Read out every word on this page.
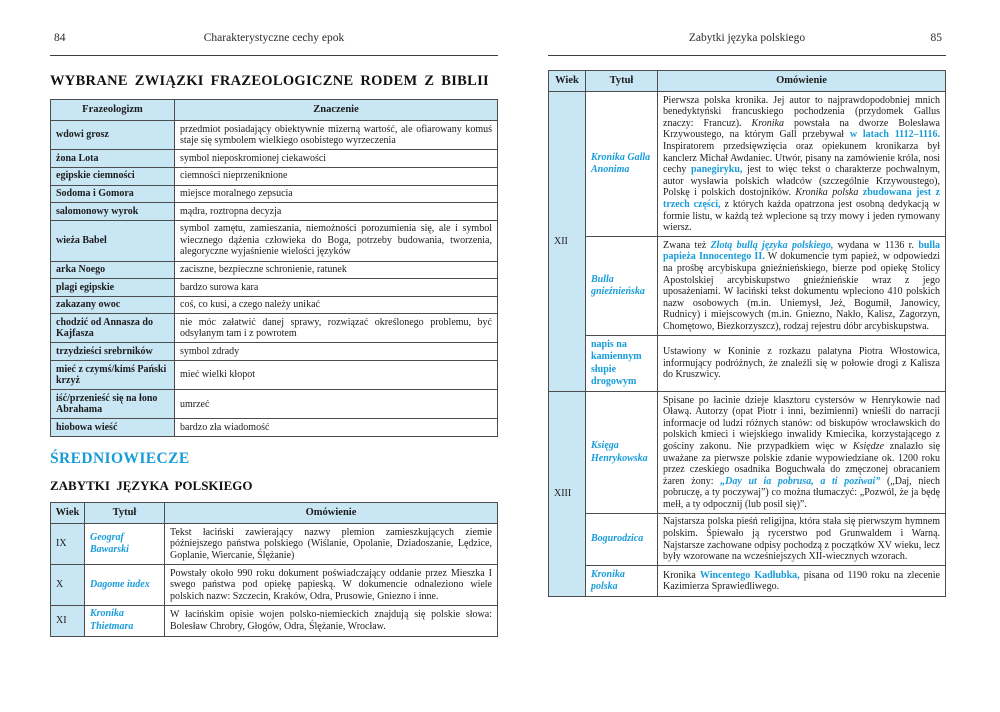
84	Charakterystyczne cechy epok
WYBRANE ZWIĄZKI FRAZEOLOGICZNE RODEM Z BIBLII
Frazeologizm	Znaczenie
wdowi grosz	przedmiot posiadający obiektywnie mizerną wartość, ale ofiarowany komuś staje się symbolem wielkiego osobistego wyrzeczenia
żona Lota	symbol nieposkromionej ciekawości
egipskie ciemności	ciemności nieprzeniknione
Sodoma i Gomora	miejsce moralnego zepsucia
salomonowy wyrok	mądra, roztropna decyzja
wieża Babel	symbol zamętu, zamieszania, niemożności porozumienia się, ale i symbol wiecznego dążenia człowieka do Boga, potrzeby budowania, tworzenia, alegoryczne wyjaśnienie wielości języków
arka Noego	zaciszne, bezpieczne schronienie, ratunek
plagi egipskie	bardzo surowa kara
zakazany owoc	coś, co kusi, a czego należy unikać
chodzić od Annasza do Kajfasza	nie móc załatwić danej sprawy, rozwiązać określonego problemu, być odsyłanym tam i z powrotem
trzydzieści srebrników	symbol zdrady
mieć z czymś/kimś Pański krzyż	mieć wielki kłopot
iść/przenieść się na łono Abrahama	umrzeć
hiobowa wieść	bardzo zła wiadomość
ŚREDNIOWIECZE
ZABYTKI JĘZYKA POLSKIEGO
Wiek	Tytuł	Omówienie
IX	Geograf Bawarski	Tekst łaciński zawierający nazwy plemion zamieszkujących ziemie późniejszego państwa polskiego (Wiślanie, Opolanie, Dziadoszanie, Lędzice, Goplanie, Wiercanie, Ślężanie)
X	Dagome iudex	Powstały około 990 roku dokument poświadczający oddanie przez Mieszka I swego państwa pod opiekę papieską. W dokumencie odnaleziono wiele polskich nazw: Szczecin, Kraków, Odra, Prusowie, Gniezno i inne.
XI	Kronika Thietmara	W łacińskim opisie wojen polsko-niemieckich znajdują się polskie słowa: Bolesław Chrobry, Głogów, Odra, Ślężanie, Wrocław.
Zabytki języka polskiego	85
Wiek	Tytuł	Omówienie
XII	Kronika Galla Anonima	Pierwsza polska kronika. Jej autor to najprawdopodobniej mnich benedyktyński francuskiego pochodzenia (przydomek Gallus znaczy: Francuz). Kronika powstała na dworze Bolesława Krzywoustego, na którym Gall przebywał w latach 1112–1116. Inspiratorem przedsięwzięcia oraz opiekunem kronikarza był kanclerz Michał Awdaniec. Utwór, pisany na zamówienie króla, nosi cechy panegiryku, jest to więc tekst o charakterze pochwalnym, autor wysławia polskich władców (szczególnie Krzywoustego), Polskę i polskich dostojników. Kronika polska zbudowana jest z trzech części, z których każda opatrzona jest osobną dedykacją w formie listu, w każdą też wplecione są trzy mowy i jeden rymowany wiersz.
	Bulla gnieźnieńska	Zwana też Złotą bullą języka polskiego, wydana w 1136 r. bulla papieża Innocentego II. W dokumencie tym papież, w odpowiedzi na prośbę arcybiskupa gnieźnieńskiego, bierze pod opiekę Stolicy Apostolskiej arcybiskupstwo gnieźnieńskie wraz z jego uposażeniami. W łaciński tekst dokumentu wpleciono 410 polskich nazw osobowych (m.in. Uniemysł, Jeż, Bogumił, Janowicy, Rudnicy) i miejscowych (m.in. Gniezno, Nakło, Kalisz, Zagorzyn, Chomętowo, Biezkorzyszcz), rodzaj rejestru dóbr arcybiskupstwa.
	napis na kamiennym słupie drogowym	Ustawiony w Koninie z rozkazu palatyna Piotra Włostowica, informujący podróżnych, że znaleźli się w połowie drogi z Kalisza do Kruszwicy.
XIII	Księga Henrykowska	Spisane po łacinie dzieje klasztoru cystersów w Henrykowie nad Oławą. Autorzy (opat Piotr i inni, bezimienni) wnieśli do narracji informacje od ludzi różnych stanów: od biskupów wrocławskich do polskich kmieci i wiejskiego inwalidy Kmiecika, korzystającego z gościny zakonu. Nie przypadkiem więc w Księdze znalazło się uważane za pierwsze polskie zdanie wypowiedziane ok. 1200 roku przez czeskiego osadnika Boguchwała do zmęczonej obracaniem żaren żony: „Day ut ia pobrusa, a ti poziwai” („Daj, niech pobruczę, a ty poczywaj”) co można tłumaczyć: „Pozwól, że ja będę mełł, a ty odpocznij (lub posil się)”.
	Bogurodzica	Najstarsza polska pieśń religijna, która stała się pierwszym hymnem polskim. Śpiewało ją rycerstwo pod Grunwaldem i Warną. Najstarsze zachowane odpisy pochodzą z początków XV wieku, lecz były wzorowane na wcześniejszych XII-wiecznych wzorach.
	Kronika polska	Kronika Wincentego Kadłubka, pisana od 1190 roku na zlecenie Kazimierza Sprawiedliwego.
